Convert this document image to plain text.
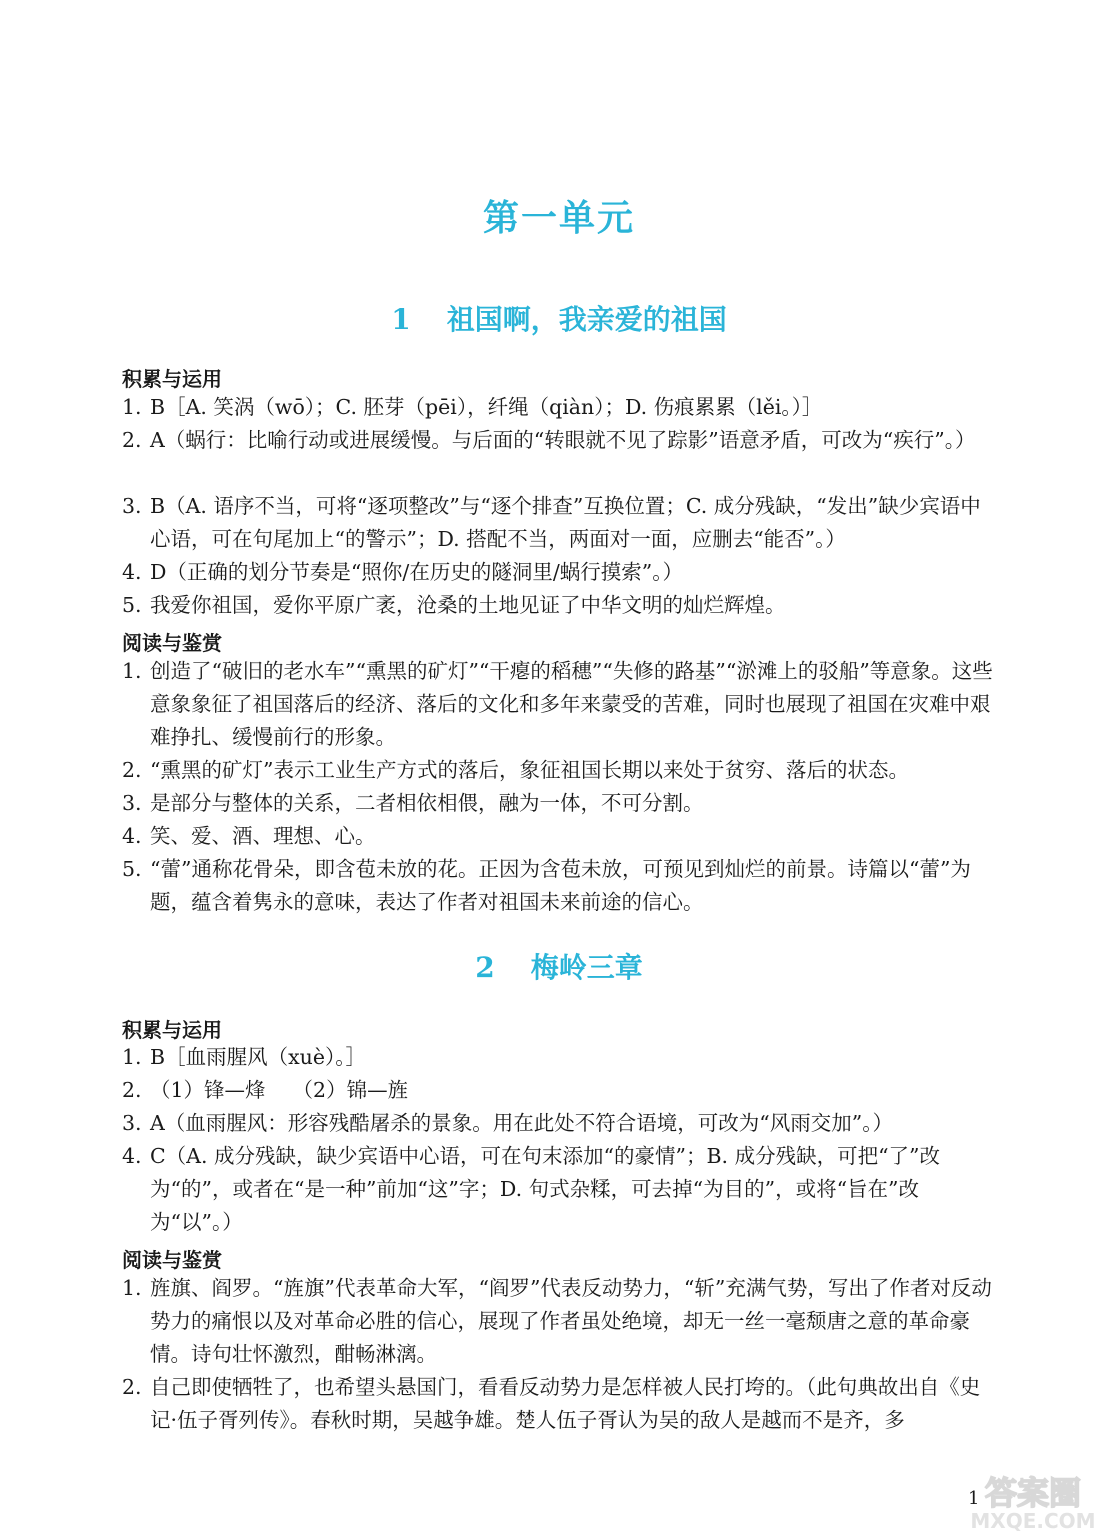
第一单元
1 祖国啊，我亲爱的祖国
积累与运用
1. B［A. 笑涡（wō）；C. 胚芽（pēi），纤绳（qiàn）；D. 伤痕累累（lěi。）］
2. A（蜗行：比喻行动或进展缓慢。与后面的“转眼就不见了踪影”语意矛盾，可改为“疾行”。）
3. B（A. 语序不当，可将“逐项整改”与“逐个排查”互换位置；C. 成分残缺，“发出”缺少宾语中心语，可在句尾加上“的警示”；D. 搭配不当，两面对一面，应删去“能否”。）
4. D（正确的划分节奏是“照你/在历史的隧洞里/蜗行摸索”。）
5. 我爱你祖国，爱你平原广袤，沧桑的土地见证了中华文明的灿烂辉煌。
阅读与鉴赏
1. 创造了“破旧的老水车”“熏黑的矿灯”“干瘪的稻穗”“失修的路基”“淤滩上的驳船”等意象。这些意象象征了祖国落后的经济、落后的文化和多年来蒙受的苦难，同时也展现了祖国在灾难中艰难挣扎、缓慢前行的形象。
2. “熏黑的矿灯”表示工业生产方式的落后，象征祖国长期以来处于贫穷、落后的状态。
3. 是部分与整体的关系，二者相依相偎，融为一体，不可分割。
4. 笑、爱、酒、理想、心。
5. “蕾”通称花骨朵，即含苞未放的花。正因为含苞未放，可预见到灿烂的前景。诗篇以“蕾”为题，蕴含着隽永的意味，表达了作者对祖国未来前途的信心。
2 梅岭三章
积累与运用
1. B［血雨腥风（xuè）。］
2. （1）锋—烽　 （2）锦—旌
3. A（血雨腥风：形容残酷屠杀的景象。用在此处不符合语境，可改为“风雨交加”。）
4. C（A. 成分残缺，缺少宾语中心语，可在句末添加“的豪情”；B. 成分残缺，可把“了”改为“的”，或者在“是一种”前加“这”字；D. 句式杂糅，可去掉“为目的”，或将“旨在”改为“以”。）
阅读与鉴赏
1. 旌旗、阎罗。“旌旗”代表革命大军，“阎罗”代表反动势力，“斩”充满气势，写出了作者对反动势力的痛恨以及对革命必胜的信心，展现了作者虽处绝境，却无一丝一毫颓唐之意的革命豪情。诗句壮怀激烈，酣畅淋漓。
2. 自己即使牺牲了，也希望头悬国门，看看反动势力是怎样被人民打垮的。（此句典故出自《史记·伍子胥列传》。春秋时期，吴越争雄。楚人伍子胥认为吴的敌人是越而不是齐，多
1 答案圈
MXQE.COM
